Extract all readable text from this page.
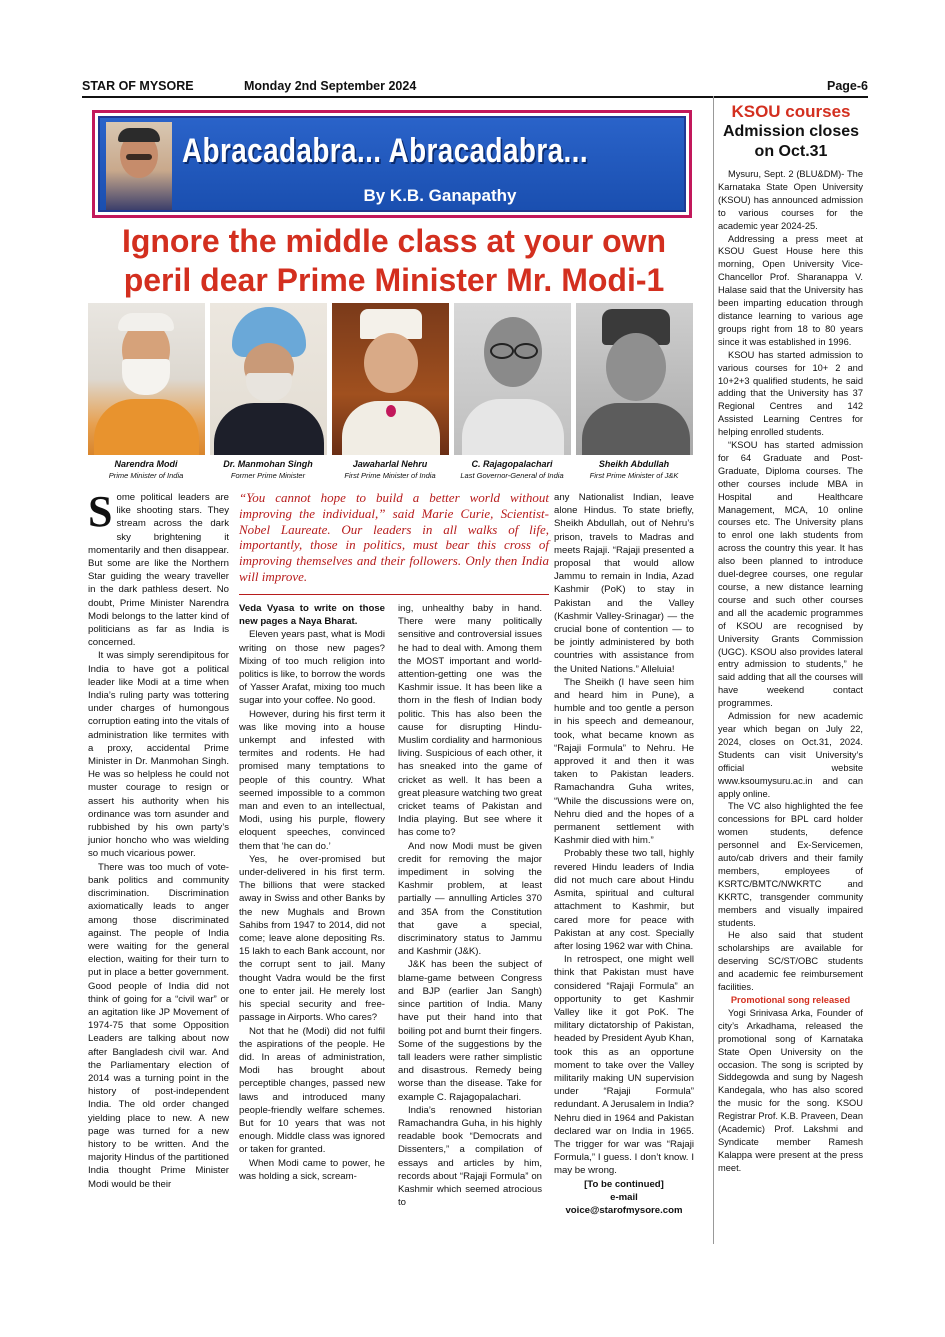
STAR OF MYSORE	Monday 2nd September 2024	Page-6
Abracadabra... Abracadabra...
By K.B. Ganapathy
Ignore the middle class at your own peril dear Prime Minister Mr. Modi-1
Narendra Modi
Prime Minister of India
Dr. Manmohan Singh
Former Prime Minister
Jawaharlal Nehru
First Prime Minister of India
C. Rajagopalachari
Last Governor-General of India
Sheikh Abdullah
First Prime Minister of J&K
“You cannot hope to build a better world without improving the individual,” said Marie Curie, Scientist-Nobel Laureate. Our leaders in all walks of life, importantly, those in politics, must bear this cross of improving themselves and their followers. Only then India will improve.

Some political leaders are like shooting stars. They stream across the dark sky brightening it momentarily and then disappear. But some are like the Northern Star guiding the weary traveller in the dark pathless desert. No doubt, Prime Minister Narendra Modi belongs to the latter kind of politicians as far as India is concerned.

It was simply serendipitous for India to have got a political leader like Modi at a time when India’s ruling party was tottering under charges of humongous corruption eating into the vitals of administration like termites with a proxy, accidental Prime Minister in Dr. Manmohan Singh. He was so helpless he could not muster courage to resign or assert his authority when his ordinance was torn asunder and rubbished by his own party’s junior honcho who was wielding so much vicarious power.

There was too much of vote-bank politics and community discrimination. Discrimination axiomatically leads to anger among those discriminated against. The people of India were waiting for the general election, waiting for their turn to put in place a better government. Good people of India did not think of going for a “civil war” or an agitation like JP Movement of 1974-75 that some Opposition Leaders are talking about now after Bangladesh civil war. And the Parliamentary election of 2014 was a turning point in the history of post-independent India. The old order changed yielding place to new. A new page was turned for a new history to be written. And the majority Hindus of the partitioned India thought Prime Minister Modi would be their

Veda Vyasa to write on those new pages a Naya Bharat.

Eleven years past, what is Modi writing on those new pages? Mixing of too much religion into politics is like, to borrow the words of Yasser Arafat, mixing too much sugar into your coffee. No good.

However, during his first term it was like moving into a house unkempt and infested with termites and rodents. He had promised many temptations to people of this country. What seemed impossible to a common man and even to an intellectual, Modi, using his purple, flowery eloquent speeches, convinced them that ‘he can do.’

Yes, he over-promised but under-delivered in his first term. The billions that were stacked away in Swiss and other Banks by the new Mughals and Brown Sahibs from 1947 to 2014, did not come; leave alone depositing Rs. 15 lakh to each Bank account, nor the corrupt sent to jail. Many thought Vadra would be the first one to enter jail. He merely lost his special security and free-passage in Airports. Who cares?

Not that he (Modi) did not fulfil the aspirations of the people. He did. In areas of administration, Modi has brought about perceptible changes, passed new laws and introduced many people-friendly welfare schemes. But for 10 years that was not enough. Middle class was ignored or taken for granted.

When Modi came to power, he was holding a sick, scream-

ing, unhealthy baby in hand. There were many politically sensitive and controversial issues he had to deal with. Among them the MOST important and world-attention-getting one was the Kashmir issue. It has been like a thorn in the flesh of Indian body politic. This has also been the cause for disrupting Hindu-Muslim cordiality and harmonious living. Suspicious of each other, it has sneaked into the game of cricket as well. It has been a great pleasure watching two great cricket teams of Pakistan and India playing. But see where it has come to?

And now Modi must be given credit for removing the major impediment in solving the Kashmir problem, at least partially — annulling Articles 370 and 35A from the Constitution that gave a special, discriminatory status to Jammu and Kashmir (J&K).

J&K has been the subject of blame-game between Congress and BJP (earlier Jan Sangh) since partition of India. Many have put their hand into that boiling pot and burnt their fingers. Some of the suggestions by the tall leaders were rather simplistic and disastrous. Remedy being worse than the disease. Take for example C. Rajagopalachari.

India’s renowned historian Ramachandra Guha, in his highly readable book “Democrats and Dissenters,” a compilation of essays and articles by him, records about “Rajaji Formula” on Kashmir which seemed atrocious to

any Nationalist Indian, leave alone Hindus. To state briefly, Sheikh Abdullah, out of Nehru’s prison, travels to Madras and meets Rajaji. “Rajaji presented a proposal that would allow Jammu to remain in India, Azad Kashmir (PoK) to stay in Pakistan and the Valley (Kashmir Valley-Srinagar) — the crucial bone of contention — to be jointly administered by both countries with assistance from the United Nations.” Alleluia!

The Sheikh (I have seen him and heard him in Pune), a humble and too gentle a person in his speech and demeanour, took, what became known as “Rajaji Formula” to Nehru. He approved it and then it was taken to Pakistan leaders. Ramachandra Guha writes, “While the discussions were on, Nehru died and the hopes of a permanent settlement with Kashmir died with him.”

Probably these two tall, highly revered Hindu leaders of India did not much care about Hindu Asmita, spiritual and cultural attachment to Kashmir, but cared more for peace with Pakistan at any cost. Specially after losing 1962 war with China.

In retrospect, one might well think that Pakistan must have considered “Rajaji Formula” an opportunity to get Kashmir Valley like it got PoK. The military dictatorship of Pakistan, headed by President Ayub Khan, took this as an opportune moment to take over the Valley militarily making UN supervision under “Rajaji Formula” redundant. A Jerusalem in India? Nehru died in 1964 and Pakistan declared war on India in 1965. The trigger for war was “Rajaji Formula,” I guess. I don’t know. I may be wrong.

[To be continued]

e-mail

voice@starofmysore.com

KSOU courses
Admission closes on Oct.31

Mysuru, Sept. 2 (BLU&DM)- The Karnataka State Open University (KSOU) has announced admission to various courses for the academic year 2024-25.

Addressing a press meet at KSOU Guest House here this morning, Open University Vice-Chancellor Prof. Sharanappa V. Halase said that the University has been imparting education through distance learning to various age groups right from 18 to 80 years since it was established in 1996.

KSOU has started admission to various courses for 10+ 2 and 10+2+3 qualified students, he said adding that the University has 37 Regional Centres and 142 Assisted Learning Centres for helping enrolled students.

“KSOU has started admission for 64 Graduate and Post-Graduate, Diploma courses. The other courses include MBA in Hospital and Healthcare Management, MCA, 10 online courses etc. The University plans to enrol one lakh students from across the country this year. It has also been planned to introduce duel-degree courses, one regular course, a new distance learning course and such other courses and all the academic programmes of KSOU are recognised by University Grants Commission (UGC). KSOU also provides lateral entry admission to students,” he said adding that all the courses will have weekend contact programmes.

Admission for new academic year which began on July 22, 2024, closes on Oct.31, 2024. Students can visit University’s official website www.ksoumysuru.ac.in and can apply online.

The VC also highlighted the fee concessions for BPL card holder women students, defence personnel and Ex-Servicemen, auto/cab drivers and their family members, employees of KSRTC/BMTC/NWKRTC and KKRTC, transgender community members and visually impaired students.

He also said that student scholarships are available for deserving SC/ST/OBC students and academic fee reimbursement facilities.

Promotional song released

Yogi Srinivasa Arka, Founder of city’s Arkadhama, released the promotional song of Karnataka State Open University on the occasion. The song is scripted by Siddegowda and sung by Nagesh Kandegala, who has also scored the music for the song. KSOU Registrar Prof. K.B. Praveen, Dean (Academic) Prof. Lakshmi and Syndicate member Ramesh Kalappa were present at the press meet.
